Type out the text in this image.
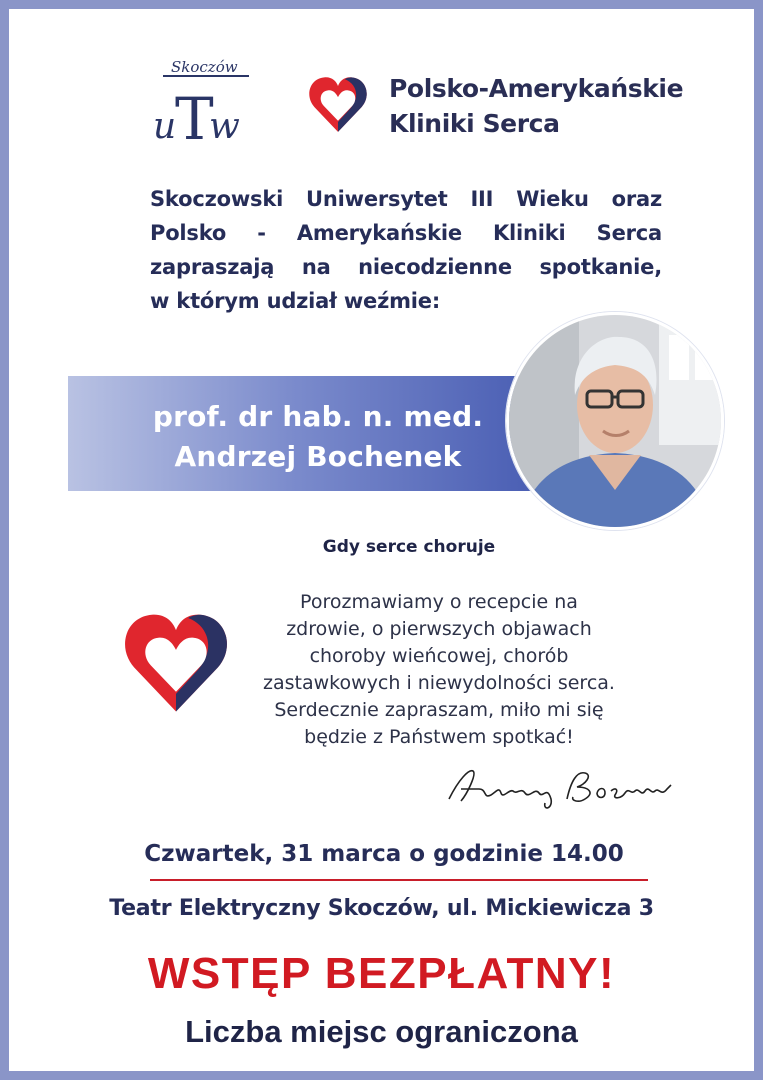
Skoczów
u
T
w
Polsko-Amerykańskie
Kliniki Serca
Skoczowski Uniwersytet III Wieku oraz
Polsko - Amerykańskie Kliniki Serca
zapraszają na niecodzienne spotkanie,
w którym udział weźmie:
prof. dr hab. n. med.
Andrzej Bochenek
Gdy serce choruje
Porozmawiamy o recepcie na
zdrowie, o pierwszych objawach
choroby wieńcowej, chorób
zastawkowych i niewydolności serca.
Serdecznie zapraszam, miło mi się
będzie z Państwem spotkać!
Czwartek, 31 marca o godzinie 14.00
Teatr Elektryczny Skoczów, ul. Mickiewicza 3
WSTĘP BEZPŁATNY!
Liczba miejsc ograniczona
